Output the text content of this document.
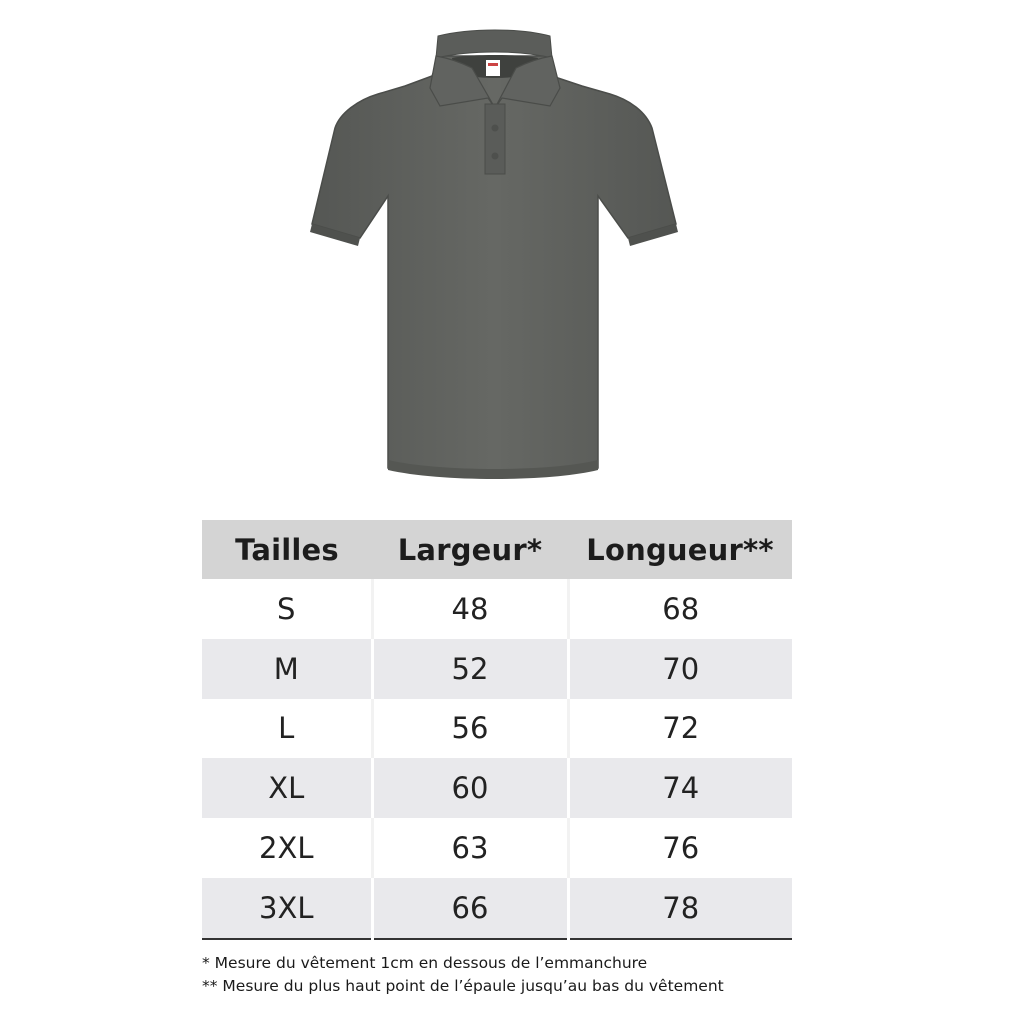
Tailles	Largeur*	Longueur**
S	48	68
M	52	70
L	56	72
XL	60	74
2XL	63	76
3XL	66	78

* Mesure du vêtement 1cm en dessous de l’emmanchure

** Mesure du plus haut point de l’épaule jusqu’au bas du vêtement
